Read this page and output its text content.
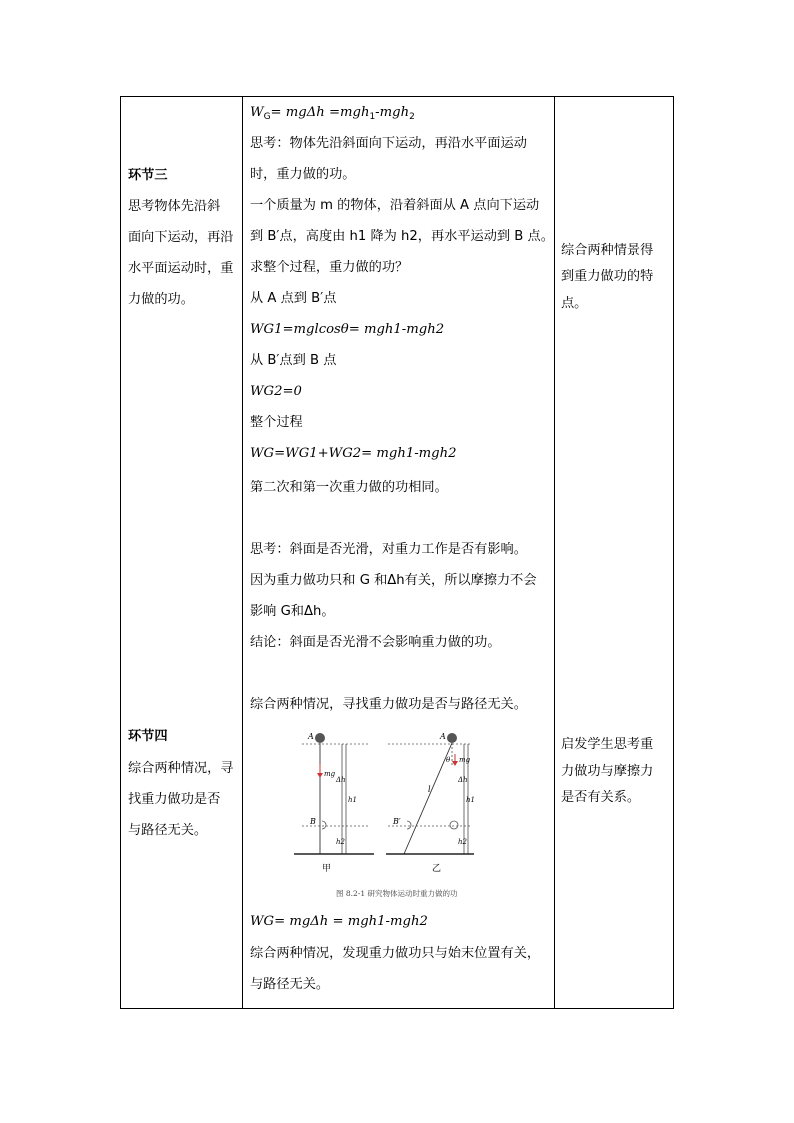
环节三
思考物体先沿斜
面向下运动，再沿
水平面运动时，重
力做的功。
环节四
综合两种情况，寻
找重力做功是否
与路径无关。
$W_G= mg\Delta h =mgh_1-mgh_2$
思考：物体先沿斜面向下运动，再沿水平面运动
时，重力做的功。
一个质量为 m 的物体，沿着斜面从 A 点向下运动
到 B′点，高度由 h1 降为 h2，再水平运动到 B 点。
求整个过程，重力做的功？
从 A 点到 B′点
WG1=mglcosθ= mgh1-mgh2
从 B′点到 B 点
WG2=0
整个过程
WG=WG1+WG2= mgh1-mgh2
第二次和第一次重力做的功相同。
思考：斜面是否光滑，对重力工作是否有影响。
因为重力做功只和 G 和Δh有关，所以摩擦力不会
影响 G和Δh。
结论：斜面是否光滑不会影响重力做的功。
综合两种情况，寻找重力做功是否与路径无关。
A
mg
B
Δh
h1
h2
甲
A
θ mg
l
B′
Δh
h1
h2
乙
图 8.2-1 研究物体运动时重力做的功
WG= mgΔh = mgh1-mgh2
综合两种情况，发现重力做功只与始末位置有关，
与路径无关。
综合两种情景得
到重力做功的特
点。
启发学生思考重
力做功与摩擦力
是否有关系。
